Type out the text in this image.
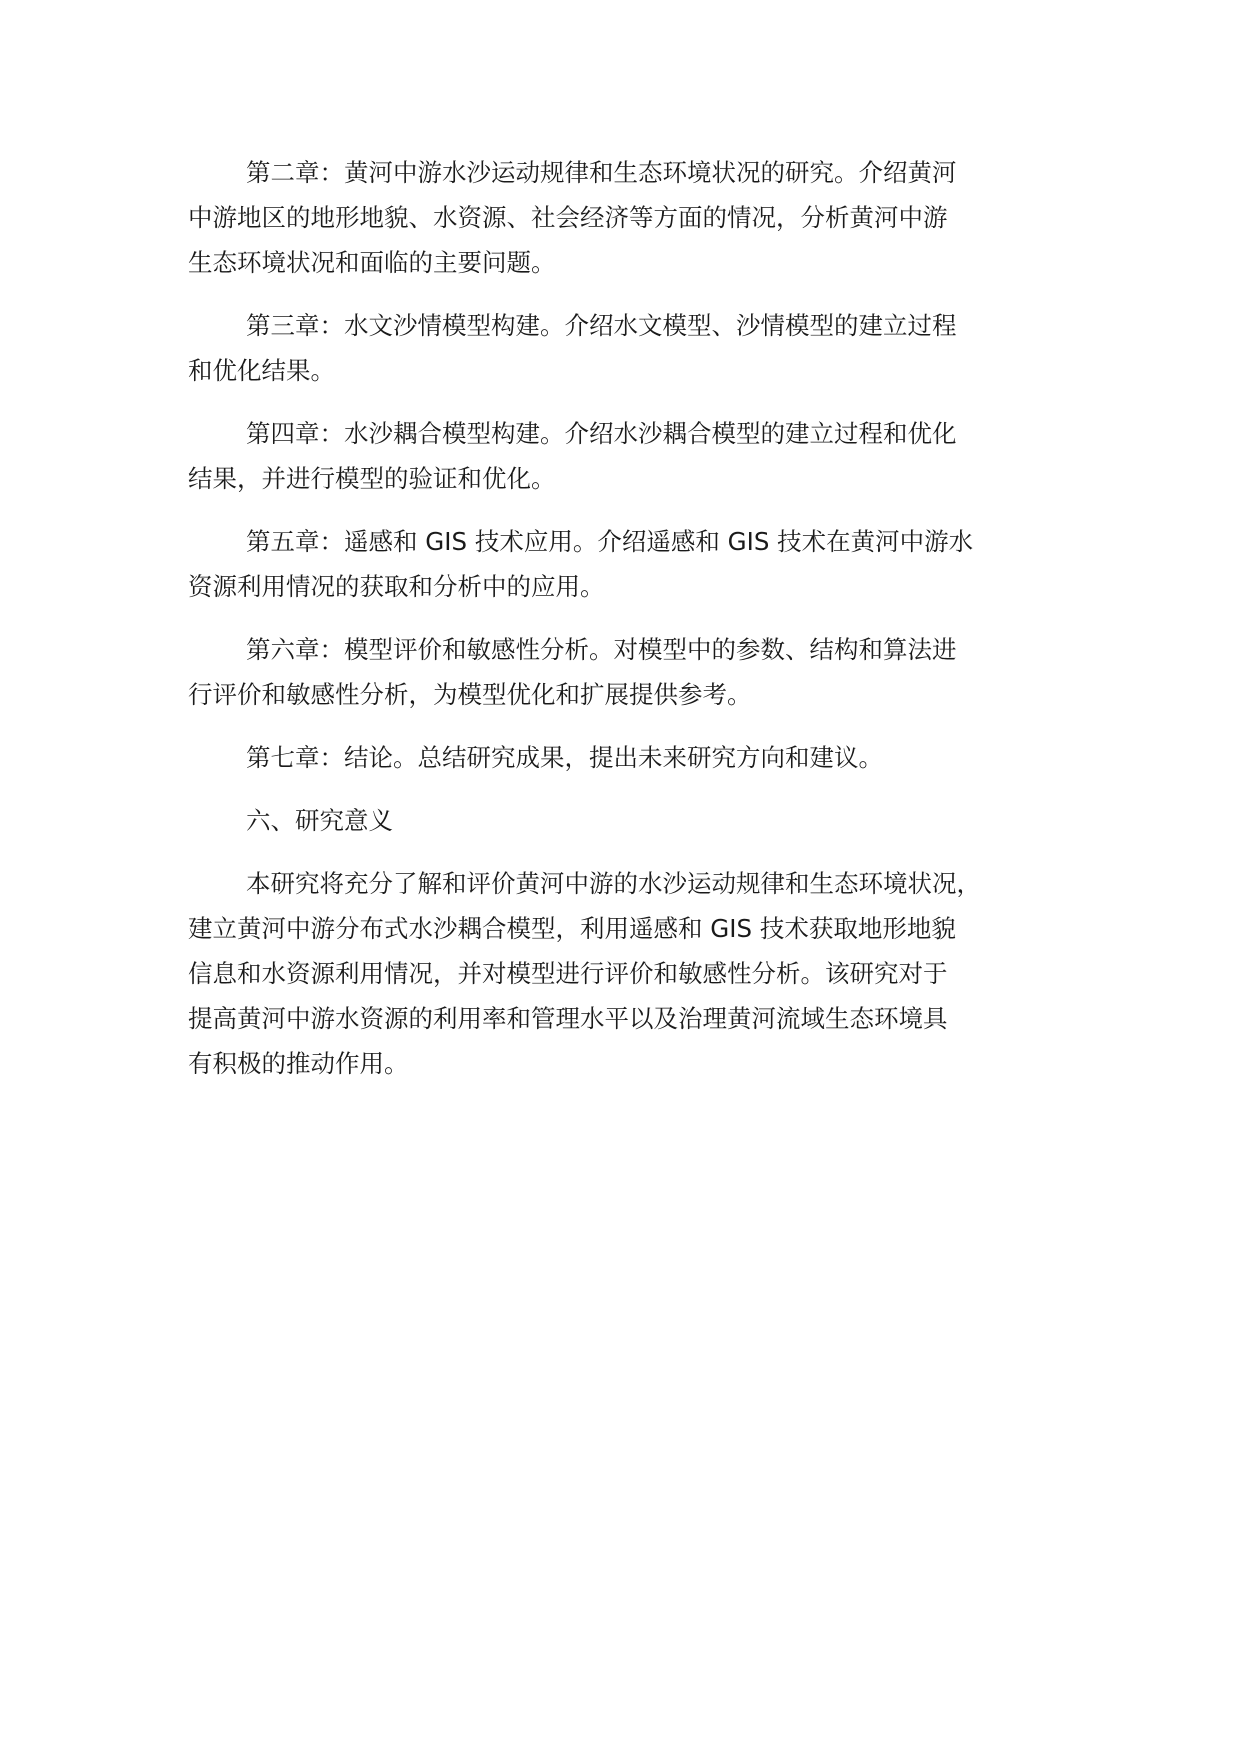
第二章：黄河中游水沙运动规律和生态环境状况的研究。介绍黄河
中游地区的地形地貌、水资源、社会经济等方面的情况，分析黄河中游
生态环境状况和面临的主要问题。

第三章：水文沙情模型构建。介绍水文模型、沙情模型的建立过程
和优化结果。

第四章：水沙耦合模型构建。介绍水沙耦合模型的建立过程和优化
结果，并进行模型的验证和优化。

第五章：遥感和 GIS 技术应用。介绍遥感和 GIS 技术在黄河中游水
资源利用情况的获取和分析中的应用。

第六章：模型评价和敏感性分析。对模型中的参数、结构和算法进
行评价和敏感性分析，为模型优化和扩展提供参考。

第七章：结论。总结研究成果，提出未来研究方向和建议。

六、研究意义

本研究将充分了解和评价黄河中游的水沙运动规律和生态环境状况，
建立黄河中游分布式水沙耦合模型，利用遥感和 GIS 技术获取地形地貌
信息和水资源利用情况，并对模型进行评价和敏感性分析。该研究对于
提高黄河中游水资源的利用率和管理水平以及治理黄河流域生态环境具
有积极的推动作用。
